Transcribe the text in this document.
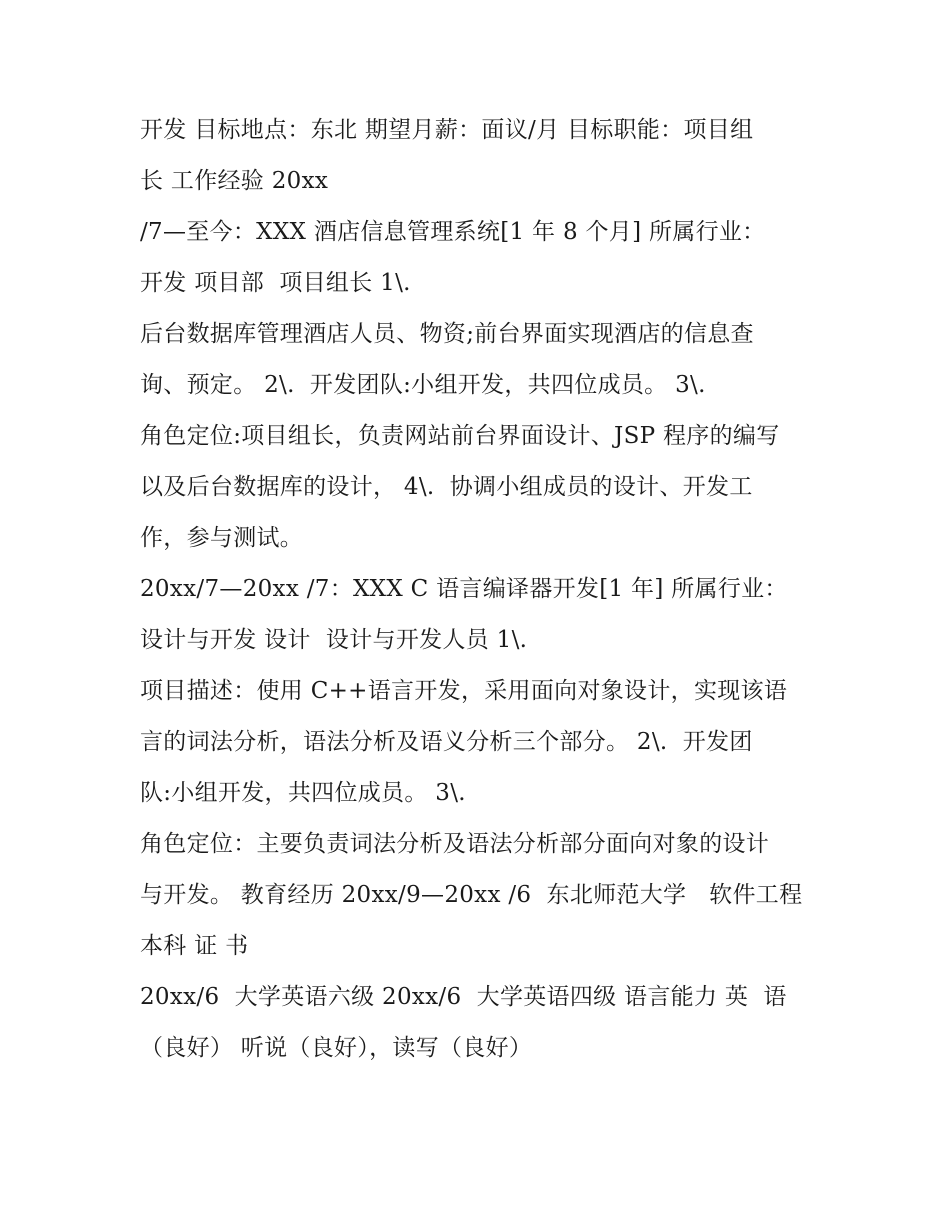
开发 目标地点：东北 期望月薪：面议/月 目标职能：项目组
长 工作经验 20xx
/7—至今：XXX 酒店信息管理系统[1 年 8 个月] 所属行业：
开发 项目部  项目组长 1\.
后台数据库管理酒店人员、物资;前台界面实现酒店的信息查
询、预定。 2\.  开发团队:小组开发，共四位成员。 3\.
角色定位:项目组长，负责网站前台界面设计、JSP 程序的编写
以及后台数据库的设计， 4\.  协调小组成员的设计、开发工
作，参与测试。
20xx/7—20xx /7：XXX C 语言编译器开发[1 年] 所属行业：
设计与开发 设计  设计与开发人员 1\.
项目描述：使用 C++语言开发，采用面向对象设计，实现该语
言的词法分析，语法分析及语义分析三个部分。 2\.  开发团
队:小组开发，共四位成员。 3\.
角色定位：主要负责词法分析及语法分析部分面向对象的设计
与开发。 教育经历 20xx/9—20xx /6  东北师范大学   软件工程
本科 证 书
20xx/6  大学英语六级 20xx/6  大学英语四级 语言能力 英  语
（良好） 听说（良好），读写（良好）
